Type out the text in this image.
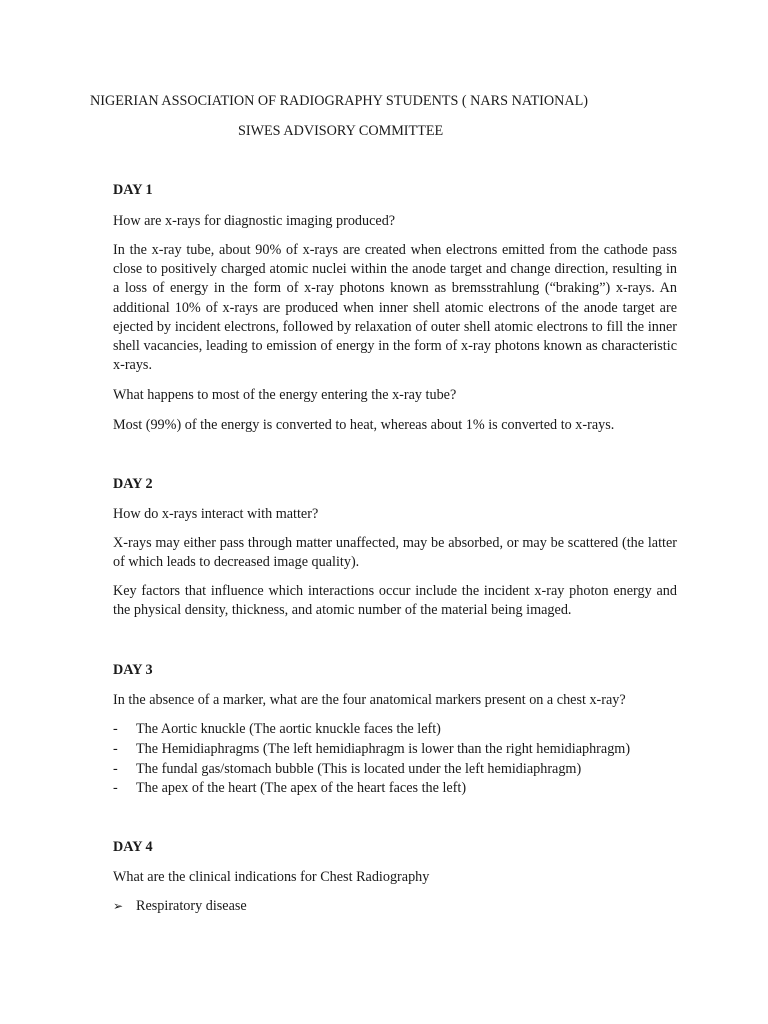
NIGERIAN ASSOCIATION OF RADIOGRAPHY STUDENTS ( NARS NATIONAL)
SIWES ADVISORY COMMITTEE
DAY 1
How are x-rays for diagnostic imaging produced?
In the x-ray tube, about 90% of x-rays are created when electrons emitted from the cathode pass close to positively charged atomic nuclei within the anode target and change direction, resulting in a loss of energy in the form of x-ray photons known as bremsstrahlung (“braking”) x-rays. An additional 10% of x-rays are produced when inner shell atomic electrons of the anode target are ejected by incident electrons, followed by relaxation of outer shell atomic electrons to fill the inner shell vacancies, leading to emission of energy in the form of x-ray photons known as characteristic x-rays.
What happens to most of the energy entering the x-ray tube?
Most (99%) of the energy is converted to heat, whereas about 1% is converted to x-rays.
DAY 2
How do x-rays interact with matter?
X-rays may either pass through matter unaffected, may be absorbed, or may be scattered (the latter of which leads to decreased image quality).
Key factors that influence which interactions occur include the incident x-ray photon energy and the physical density, thickness, and atomic number of the material being imaged.
DAY 3
In the absence of a marker, what are the four anatomical markers present on a chest x-ray?
- The Aortic knuckle (The aortic knuckle faces the left)
- The Hemidiaphragms (The left hemidiaphragm is lower than the right hemidiaphragm)
- The fundal gas/stomach bubble (This is located under the left hemidiaphragm)
- The apex of the heart (The apex of the heart faces the left)
DAY 4
What are the clinical indications for Chest Radiography
➢ Respiratory disease
